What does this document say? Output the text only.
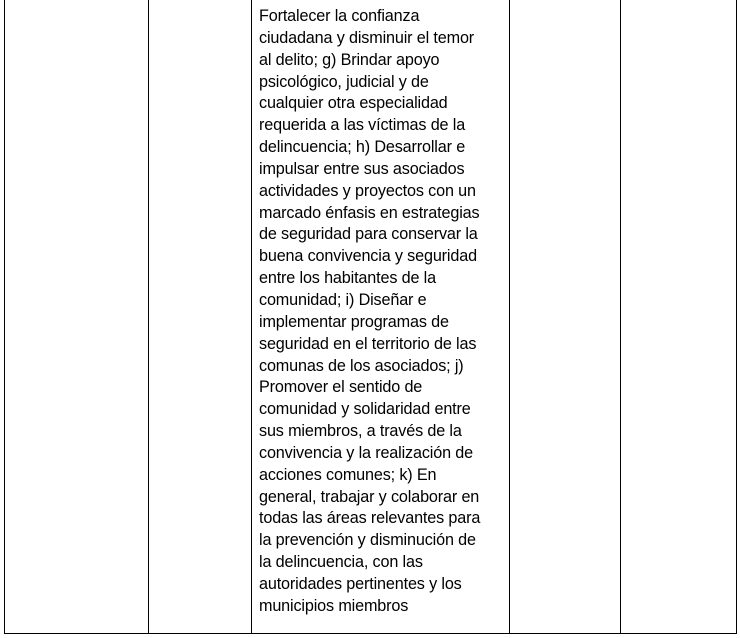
Fortalecer la confianza
ciudadana y disminuir el temor
al delito; g) Brindar apoyo
psicológico, judicial y de
cualquier otra especialidad
requerida a las víctimas de la
delincuencia; h) Desarrollar e
impulsar entre sus asociados
actividades y proyectos con un
marcado énfasis en estrategias
de seguridad para conservar la
buena convivencia y seguridad
entre los habitantes de la
comunidad; i) Diseñar e
implementar programas de
seguridad en el territorio de las
comunas de los asociados; j)
Promover el sentido de
comunidad y solidaridad entre
sus miembros, a través de la
convivencia y la realización de
acciones comunes; k) En
general, trabajar y colaborar en
todas las áreas relevantes para
la prevención y disminución de
la delincuencia, con las
autoridades pertinentes y los
municipios miembros
